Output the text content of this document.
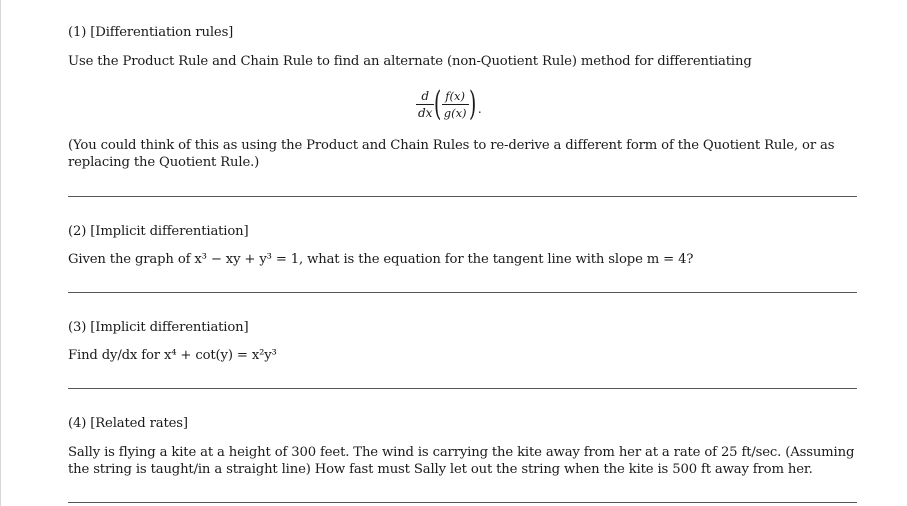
(1) [Differentiation rules]

Use the Product Rule and Chain Rule to find an alternate (non-Quotient Rule) method for differentiating

$\frac{d}{dx}$ ( $\frac{f(x)}{g(x)}$ ) .

(You could think of this as using the Product and Chain Rules to re-derive a different form of the Quotient Rule, or as replacing the Quotient Rule.)

(2) [Implicit differentiation]

Given the graph of x³ − xy + y³ = 1, what is the equation for the tangent line with slope m = 4?

(3) [Implicit differentiation]

Find dy/dx for x⁴ + cot(y) = x²y³

(4) [Related rates]

Sally is flying a kite at a height of 300 feet. The wind is carrying the kite away from her at a rate of 25 ft/sec. (Assuming the string is taught/in a straight line) How fast must Sally let out the string when the kite is 500 ft away from her.
